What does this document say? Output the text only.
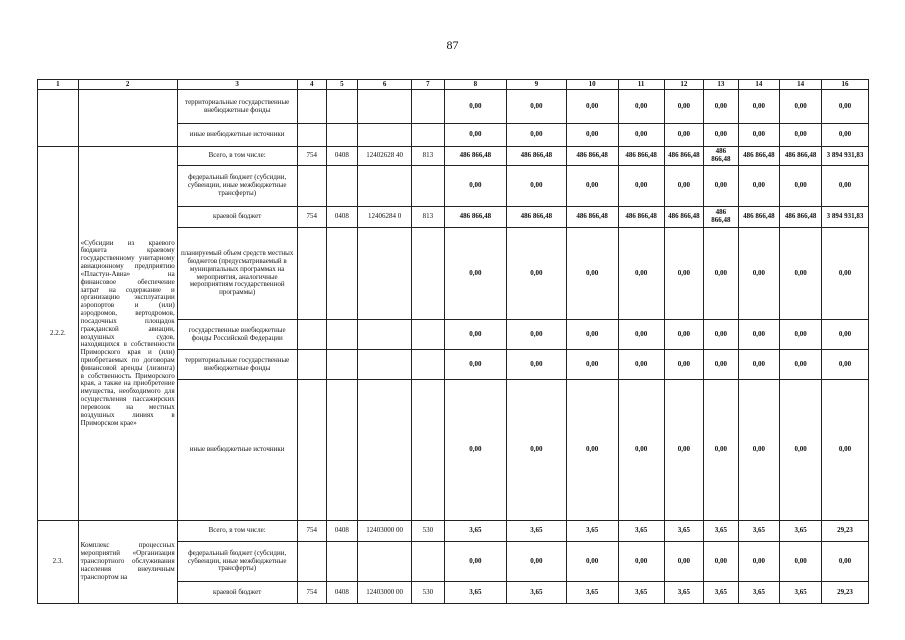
87
1	2	3	4	5	6	7	8	9	10	11	12	13	14	14	16
		территориальные государственные внебюджетные фонды					0,00	0,00	0,00	0,00	0,00	0,00	0,00	0,00	0,00
		иные внебюджетные источники					0,00	0,00	0,00	0,00	0,00	0,00	0,00	0,00	0,00
2.2.2.	«Субсидии из краевого бюджета краевому государственному унитарному авиационному предприятию «Пластун-Авиа» на финансовое обеспечение затрат на содержание и организацию эксплуатации аэропортов и (или) аэродромов, вертодромов, посадочных площадок гражданской авиации, воздушных судов, находящихся в собственности Приморского края и (или) приобретаемых по договорам финансовой аренды (лизинга) в собственность Приморского края, а также на приобретение имущества, необходимого для осуществления пассажирских перевозок на местных воздушных линиях в Приморском крае»	Всего, в том числе:	754	0408	12402628 40	813	486 866,48	486 866,48	486 866,48	486 866,48	486 866,48	486 866,48	486 866,48	486 866,48	3 894 931,83
		федеральный бюджет (субсидии, субвенции, иные межбюджетные трансферты)					0,00	0,00	0,00	0,00	0,00	0,00	0,00	0,00	0,00
		краевой бюджет	754	0408	12406284 0	813	486 866,48	486 866,48	486 866,48	486 866,48	486 866,48	486 866,48	486 866,48	486 866,48	3 894 931,83
		планируемый объем средств местных бюджетов (предусматриваемый в муниципальных программах на мероприятия, аналогичные мероприятиям государственной программы)					0,00	0,00	0,00	0,00	0,00	0,00	0,00	0,00	0,00
		государственные внебюджетные фонды Российской Федерации					0,00	0,00	0,00	0,00	0,00	0,00	0,00	0,00	0,00
		территориальные государственные внебюджетные фонды					0,00	0,00	0,00	0,00	0,00	0,00	0,00	0,00	0,00
		иные внебюджетные источники					0,00	0,00	0,00	0,00	0,00	0,00	0,00	0,00	0,00
2.3.	Комплекс процессных мероприятий «Организация транспортного обслуживания населения внеуличным транспортом на	Всего, в том числе:	754	0408	12403000 00	530	3,65	3,65	3,65	3,65	3,65	3,65	3,65	3,65	29,23
		федеральный бюджет (субсидии, субвенции, иные межбюджетные трансферты)					0,00	0,00	0,00	0,00	0,00	0,00	0,00	0,00	0,00
		краевой бюджет	754	0408	12403000 00	530	3,65	3,65	3,65	3,65	3,65	3,65	3,65	3,65	29,23
